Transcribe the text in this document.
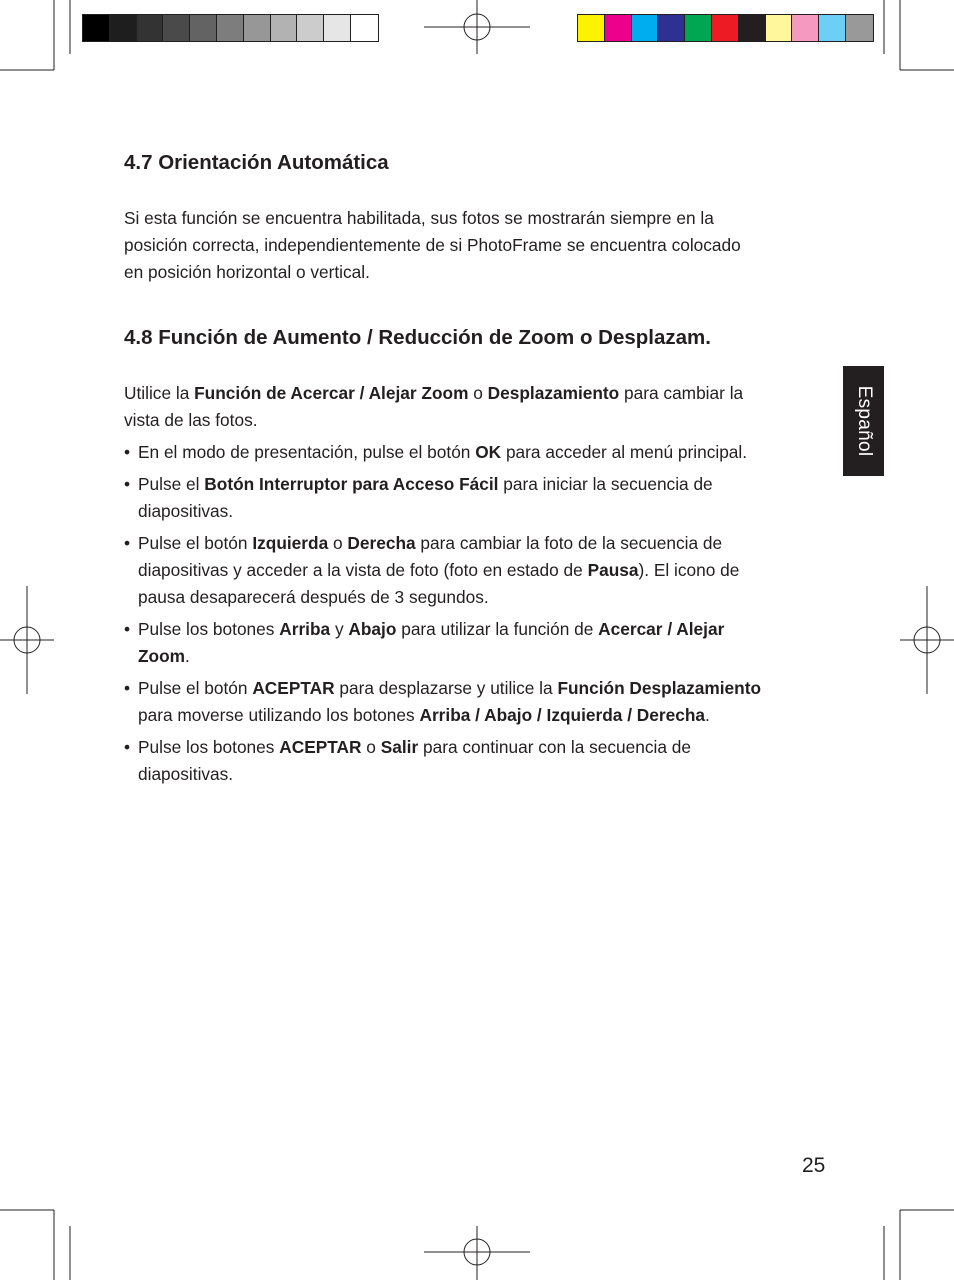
4.7 Orientación Automática

Si esta función se encuentra habilitada, sus fotos se mostrarán siempre en la
posición correcta, independientemente de si PhotoFrame se encuentra colocado
en posición horizontal o vertical.

4.8 Función de Aumento / Reducción de Zoom o Desplazam.

Utilice la Función de Acercar / Alejar Zoom o Desplazamiento para cambiar la
vista de las fotos.

• En el modo de presentación, pulse el botón OK para acceder al menú principal.
• Pulse el Botón Interruptor para Acceso Fácil para iniciar la secuencia de
diapositivas.
• Pulse el botón Izquierda o Derecha para cambiar la foto de la secuencia de
diapositivas y acceder a la vista de foto (foto en estado de Pausa). El icono de
pausa desaparecerá después de 3 segundos.
• Pulse los botones Arriba y Abajo para utilizar la función de Acercar / Alejar
Zoom.
• Pulse el botón ACEPTAR para desplazarse y utilice la Función Desplazamiento
para moverse utilizando los botones Arriba / Abajo / Izquierda / Derecha.
• Pulse los botones ACEPTAR o Salir para continuar con la secuencia de
diapositivas.
Español
25
